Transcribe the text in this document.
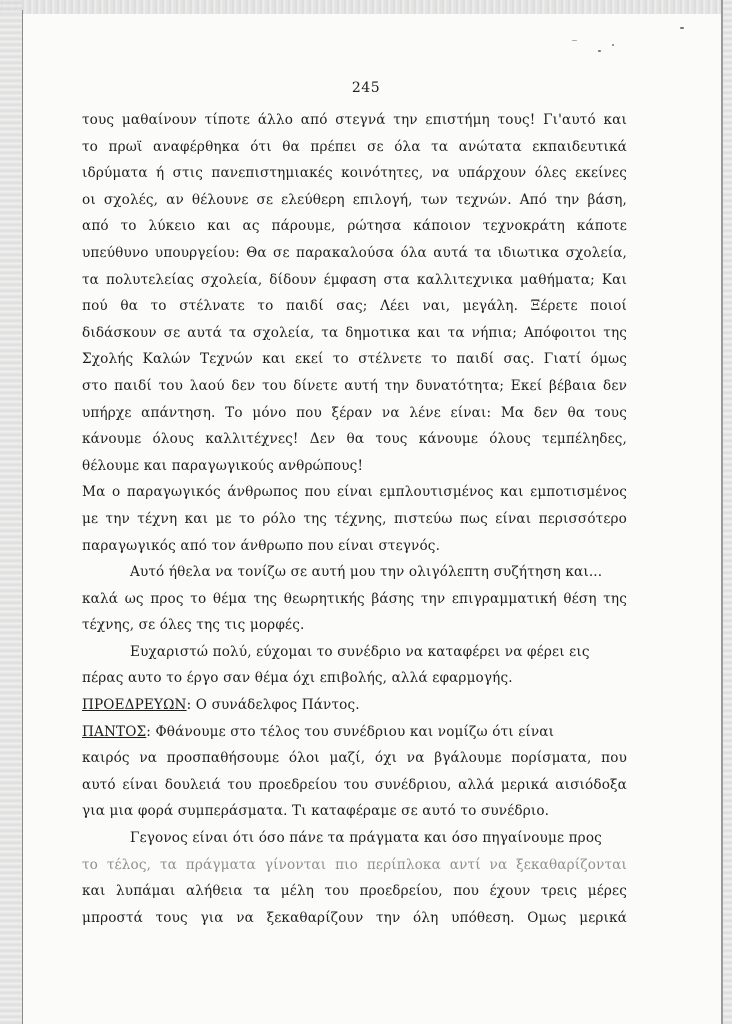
245
τους μαθαίνουν τίποτε άλλο από στεγνά την επιστήμη τους! Γι'αυτό και
το πρωϊ αναφέρθηκα ότι θα πρέπει σε όλα τα ανώτατα εκπαιδευτικά
ιδρύματα ή στις πανεπιστημιακές κοινότητες, να υπάρχουν όλες εκείνες
οι σχολές, αν θέλουνε σε ελεύθερη επιλογή, των τεχνών. Από την βάση,
από το λύκειο και ας πάρουμε, ρώτησα κάποιον τεχνοκράτη κάποτε
υπεύθυνο υπουργείου: Θα σε παρακαλούσα όλα αυτά τα ιδιωτικα σχολεία,
τα πολυτελείας σχολεία, δίδουν έμφαση στα καλλιτεχνικα μαθήματα; Και
πού θα το στέλνατε το παιδί σας; Λέει ναι, μεγάλη. Ξέρετε ποιοί
διδάσκουν σε αυτά τα σχολεία, τα δημοτικα και τα νήπια; Απόφοιτοι της
Σχολής Καλών Τεχνών και εκεί το στέλνετε το παιδί σας. Γιατί όμως
στο παιδί του λαού δεν του δίνετε αυτή την δυνατότητα; Εκεί βέβαια δεν
υπήρχε απάντηση. Το μόνο που ξέραν να λένε είναι: Μα δεν θα τους
κάνουμε όλους καλλιτέχνες! Δεν θα τους κάνουμε όλους τεμπέληδες,
θέλουμε και παραγωγικούς ανθρώπους!
Μα ο παραγωγικός άνθρωπος που είναι εμπλουτισμένος και εμποτισμένος
με την τέχνη και με το ρόλο της τέχνης, πιστεύω πως είναι περισσότερο
παραγωγικός από τον άνθρωπο που είναι στεγνός.
Αυτό ήθελα να τονίζω σε αυτή μου την ολιγόλεπτη συζήτηση και...
καλά ως προς το θέμα της θεωρητικής βάσης την επιγραμματική θέση της
τέχνης, σε όλες της τις μορφές.
Ευχαριστώ πολύ, εύχομαι το συνέδριο να καταφέρει να φέρει εις
πέρας αυτο το έργο σαν θέμα όχι επιβολής, αλλά εφαρμογής.
ΠΡΟΕΔΡΕΥΩΝ: Ο συνάδελφος Πάντος.
ΠΑΝΤΟΣ: Φθάνουμε στο τέλος του συνέδριου και νομίζω ότι είναι
καιρός να προσπαθήσουμε όλοι μαζί, όχι να βγάλουμε πορίσματα, που
αυτό είναι δουλειά του προεδρείου του συνέδριου, αλλά μερικά αισιόδοξα
για μια φορά συμπεράσματα. Τι καταφέραμε σε αυτό το συνέδριο.
Γεγονος είναι ότι όσο πάνε τα πράγματα και όσο πηγαίνουμε προς
το τέλος, τα πράγματα γίνονται πιο περίπλοκα αντί να ξεκαθαρίζονται
και λυπάμαι αλήθεια τα μέλη του προεδρείου, που έχουν τρεις μέρες
μπροστά τους για να ξεκαθαρίζουν την όλη υπόθεση. Ομως μερικά
